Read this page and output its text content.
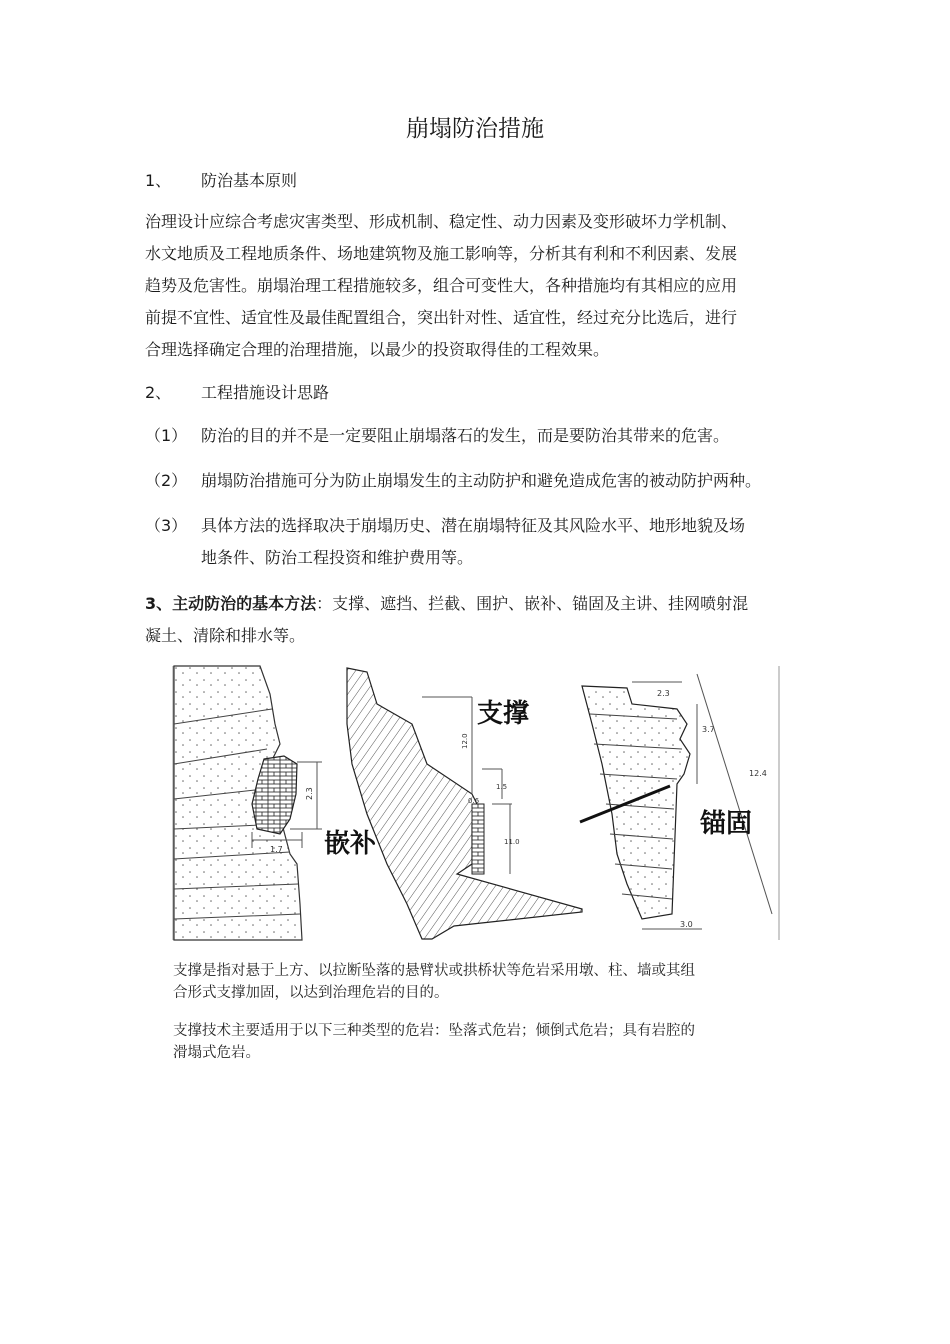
崩塌防治措施
1、 防治基本原则
治理设计应综合考虑灾害类型、形成机制、稳定性、动力因素及变形破坏力学机制、
水文地质及工程地质条件、场地建筑物及施工影响等，分析其有利和不利因素、发展
趋势及危害性。崩塌治理工程措施较多，组合可变性大，各种措施均有其相应的应用
前提不宜性、适宜性及最佳配置组合，突出针对性、适宜性，经过充分比选后，进行
合理选择确定合理的治理措施，以最少的投资取得佳的工程效果。
2、 工程措施设计思路
（1） 防治的目的并不是一定要阻止崩塌落石的发生，而是要防治其带来的危害。
（2） 崩塌防治措施可分为防止崩塌发生的主动防护和避免造成危害的被动防护两种。
（3） 具体方法的选择取决于崩塌历史、潜在崩塌特征及其风险水平、地形地貌及场
地条件、防治工程投资和维护费用等。
3、主动防治的基本方法：支撑、遮挡、拦截、围护、嵌补、锚固及主讲、挂网喷射混
凝土、清除和排水等。
2.3
1.7 嵌补
12.0
1.5
0.6
11.0
支撑
2.3
3.7
12.4
3.0
锚固
支撑是指对悬于上方、以拉断坠落的悬臂状或拱桥状等危岩采用墩、柱、墙或其组
合形式支撑加固，以达到治理危岩的目的。
支撑技术主要适用于以下三种类型的危岩：坠落式危岩；倾倒式危岩；具有岩腔的
滑塌式危岩。
